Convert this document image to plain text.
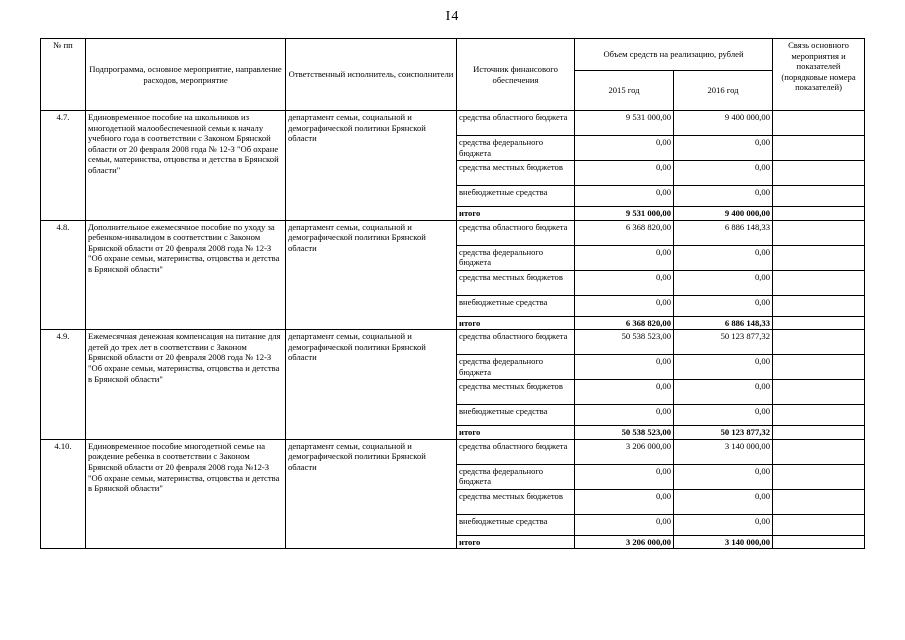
I4
№ пп	Подпрограмма, основное мероприятие, направление расходов, мероприятие	Ответственный исполнитель, соисполнители	Источник финансового обеспечения	Объем средств на реализацию, рублей		Связь основного мероприятия и показателей (порядковые номера показателей)
				2015 год	2016 год	
4.7.	Единовременное пособие на школьников из многодетной малообеспеченной семьи к началу учебного года в соответствии с Законом Брянской области от 20 февраля 2008 года № 12-З "Об охране семьи, материнства, отцовства и детства в Брянской области"	департамент семьи, социальной и демографической политики Брянской области	средства областного бюджета	9 531 000,00	9 400 000,00	
			средства федерального бюджета	0,00	0,00	
			средства местных бюджетов	0,00	0,00	
			внебюджетные средства	0,00	0,00	
			итого	9 531 000,00	9 400 000,00	
4.8.	Дополнительное ежемесячное пособие по уходу за ребенком-инвалидом в соответствии с Законом Брянской области от 20 февраля 2008 года № 12-З "Об охране семьи, материнства, отцовства и детства в Брянской области"	департамент семьи, социальной и демографической политики Брянской области	средства областного бюджета	6 368 820,00	6 886 148,33	
			средства федерального бюджета	0,00	0,00	
			средства местных бюджетов	0,00	0,00	
			внебюджетные средства	0,00	0,00	
			итого	6 368 820,00	6 886 148,33	
4.9.	Ежемесячная денежная компенсация на питание для детей до трех лет в соответствии с Законом Брянской области от 20 февраля 2008 года № 12-З "Об охране семьи, материнства, отцовства и детства в Брянской области"	департамент семьи, социальной и демографической политики Брянской области	средства областного бюджета	50 538 523,00	50 123 877,32	
			средства федерального бюджета	0,00	0,00	
			средства местных бюджетов	0,00	0,00	
			внебюджетные средства	0,00	0,00	
			итого	50 538 523,00	50 123 877,32	
4.10.	Единовременное пособие многодетной семье на рождение ребенка в соответствии с Законом Брянской области от 20 февраля 2008 года №12-З "Об охране семьи, материнства, отцовства и детства в Брянской области"	департамент семьи, социальной и демографической политики Брянской области	средства областного бюджета	3 206 000,00	3 140 000,00	
			средства федерального бюджета	0,00	0,00	
			средства местных бюджетов	0,00	0,00	
			внебюджетные средства	0,00	0,00	
			итого	3 206 000,00	3 140 000,00	
